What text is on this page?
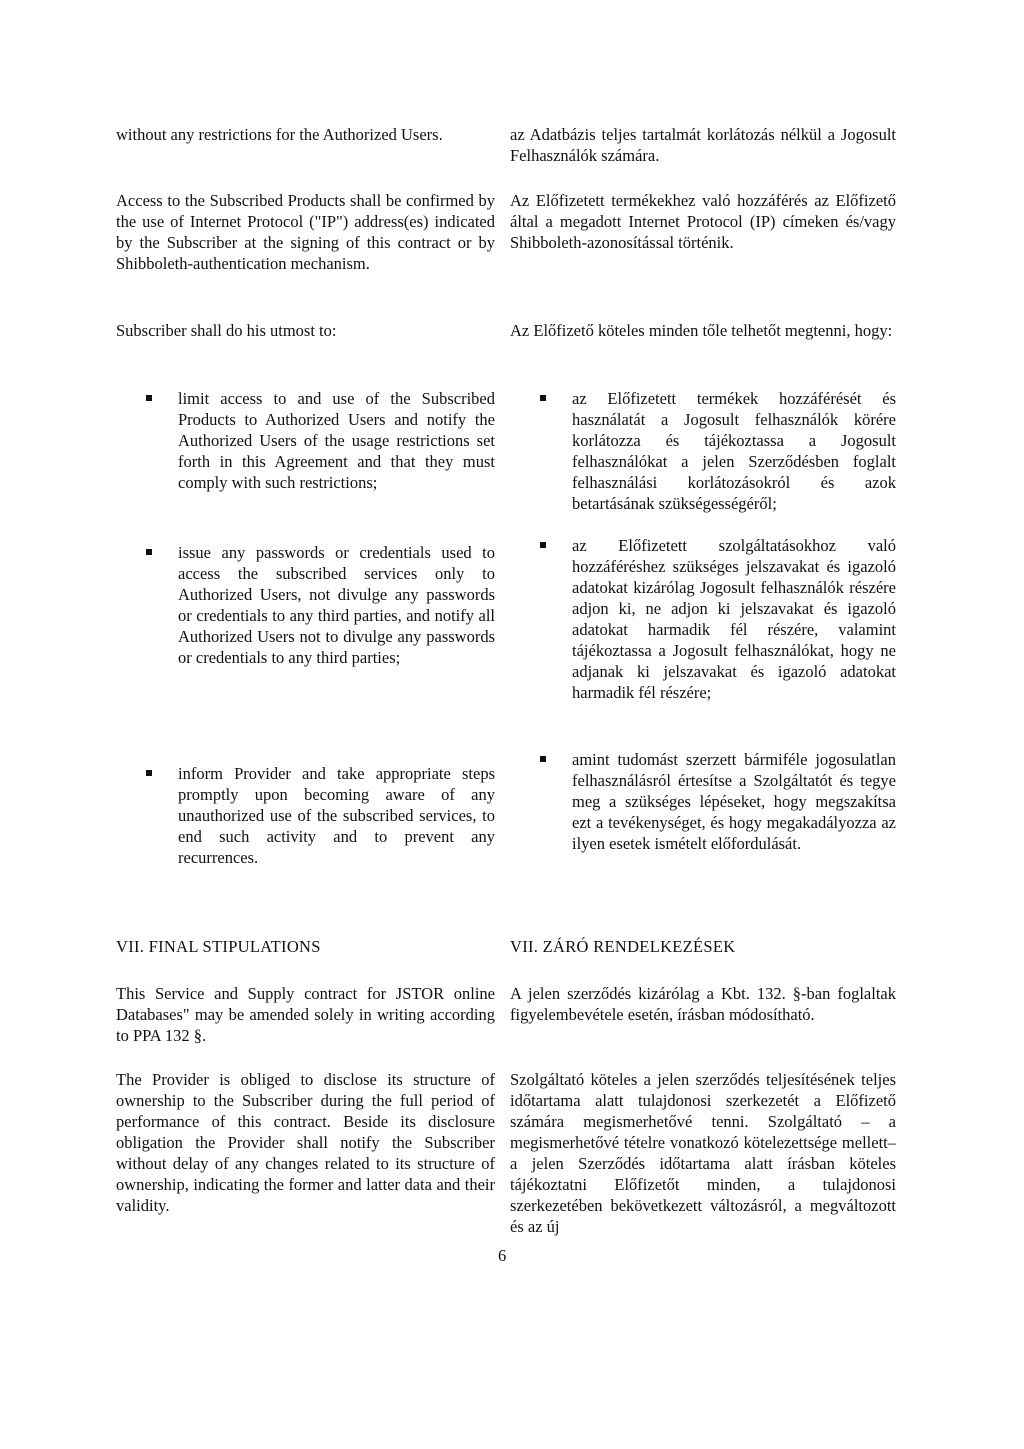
without any restrictions for the Authorized Users.

Access to the Subscribed Products shall be confirmed by the use of Internet Protocol ("IP") address(es) indicated by the Subscriber at the signing of this contract or by Shibboleth-authentication mechanism.

Subscriber shall do his utmost to:

limit access to and use of the Subscribed Products to Authorized Users and notify the Authorized Users of the usage restrictions set forth in this Agreement and that they must comply with such restrictions;

issue any passwords or credentials used to access the subscribed services only to Authorized Users, not divulge any passwords or credentials to any third parties, and notify all Authorized Users not to divulge any passwords or credentials to any third parties;

inform Provider and take appropriate steps promptly upon becoming aware of any unauthorized use of the subscribed services, to end such activity and to prevent any recurrences.

VII. FINAL STIPULATIONS

This Service and Supply contract for JSTOR online Databases" may be amended solely in writing according to PPA 132 §.

The Provider is obliged to disclose its structure of ownership to the Subscriber during the full period of performance of this contract. Beside its disclosure obligation the Provider shall notify the Subscriber without delay of any changes related to its structure of ownership, indicating the former and latter data and their validity.

az Adatbázis teljes tartalmát korlátozás nélkül a Jogosult Felhasználók számára.

Az Előfizetett termékekhez való hozzáférés az Előfizető által a megadott Internet Protocol (IP) címeken és/vagy Shibboleth-azonosítással történik.

Az Előfizető köteles minden tőle telhetőt megtenni, hogy:

az Előfizetett termékek hozzáférését és használatát a Jogosult felhasználók körére korlátozza és tájékoztassa a Jogosult felhasználókat a jelen Szerződésben foglalt felhasználási korlátozásokról és azok betartásának szükségességéről;

az Előfizetett szolgáltatásokhoz való hozzáféréshez szükséges jelszavakat és igazoló adatokat kizárólag Jogosult felhasználók részére adjon ki, ne adjon ki jelszavakat és igazoló adatokat harmadik fél részére, valamint tájékoztassa a Jogosult felhasználókat, hogy ne adjanak ki jelszavakat és igazoló adatokat harmadik fél részére;

amint tudomást szerzett bármiféle jogosulatlan felhasználásról értesítse a Szolgáltatót és tegye meg a szükséges lépéseket, hogy megszakítsa ezt a tevékenységet, és hogy megakadályozza az ilyen esetek ismételt előfordulását.

VII. ZÁRÓ RENDELKEZÉSEK

A jelen szerződés kizárólag a Kbt. 132. §-ban foglaltak figyelembevétele esetén, írásban módosítható.

Szolgáltató köteles a jelen szerződés teljesítésének teljes időtartama alatt tulajdonosi szerkezetét a Előfizető számára megismerhetővé tenni. Szolgáltató – a megismerhetővé tételre vonatkozó kötelezettsége mellett– a jelen Szerződés időtartama alatt írásban köteles tájékoztatni Előfizetőt minden, a tulajdonosi szerkezetében bekövetkezett változásról, a megváltozott és az új

6
